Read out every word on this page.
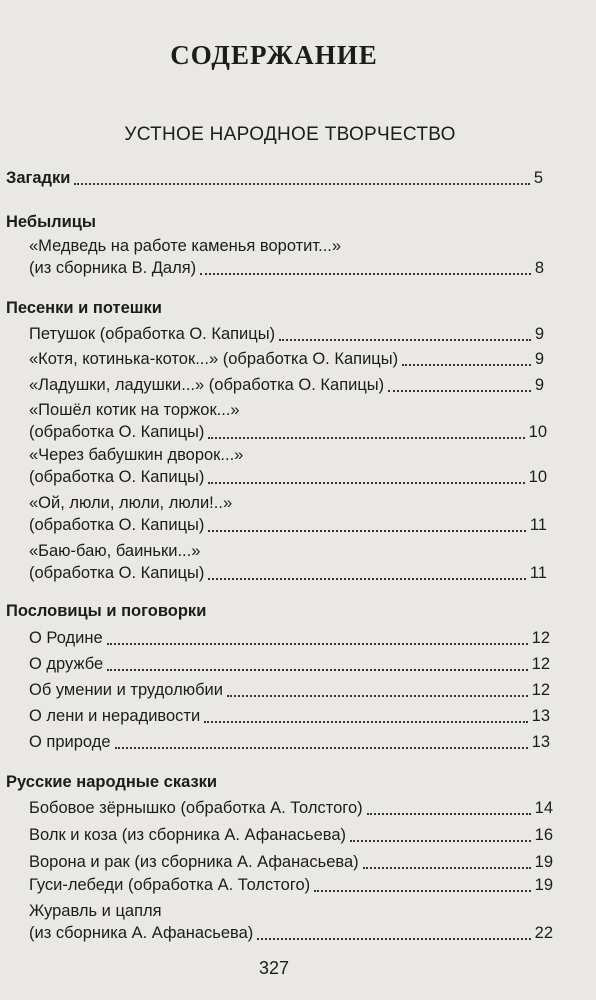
СОДЕРЖАНИЕ
УСТНОЕ НАРОДНОЕ ТВОРЧЕСТВО
Загадки	5
Небылицы
«Медведь на работе каменья воротит...»
(из сборника В. Даля)	8
Песенки и потешки
Петушок (обработка О. Капицы)	9
«Котя, котинька-коток...» (обработка О. Капицы)	9
«Ладушки, ладушки...» (обработка О. Капицы)	9
«Пошёл котик на торжок...»
(обработка О. Капицы)	10
«Через бабушкин дворок...»
(обработка О. Капицы)	10
«Ой, люли, люли, люли!..»
(обработка О. Капицы)	11
«Баю-баю, баиньки...»
(обработка О. Капицы)	11
Пословицы и поговорки
О Родине	12
О дружбе	12
Об умении и трудолюбии	12
О лени и нерадивости	13
О природе	13
Русские народные сказки
Бобовое зёрнышко (обработка А. Толстого)	14
Волк и коза (из сборника А. Афанасьева)	16
Ворона и рак (из сборника А. Афанасьева)	19
Гуси-лебеди (обработка А. Толстого)	19
Журавль и цапля
(из сборника А. Афанасьева)	22
327
